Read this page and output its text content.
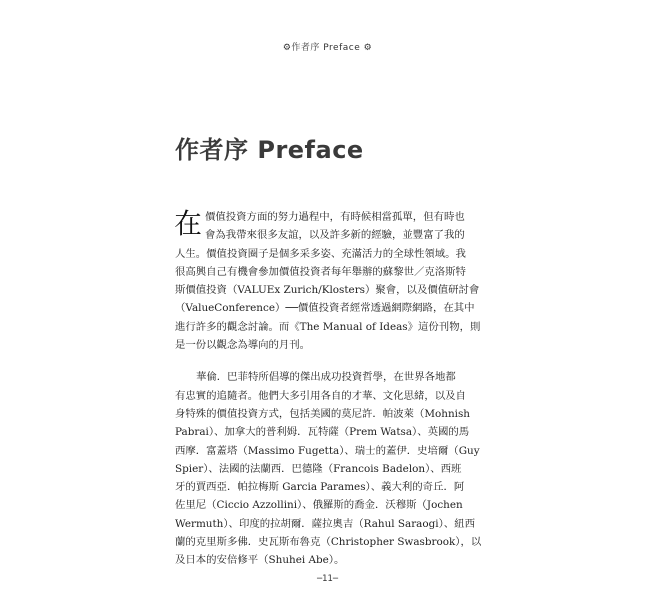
⚙作者序 Preface ⚙
作者序 Preface
在 價值投資方面的努力過程中，有時候相當孤單，但有時也
會為我帶來很多友誼，以及許多新的經驗，並豐富了我的
人生。價值投資圈子是個多采多姿、充滿活力的全球性領域。我
很高興自己有機會參加價值投資者每年舉辦的蘇黎世／克洛斯特
斯價值投資（VALUEx Zurich/Klosters）聚會，以及價值研討會
（ValueConference）──價值投資者經常透過網際網路，在其中
進行許多的觀念討論。而《The Manual of Ideas》這份刊物，則
是一份以觀念為導向的月刊。
華倫．巴菲特所倡導的傑出成功投資哲學，在世界各地都
有忠實的追隨者。他們大多引用各自的才華、文化思緒，以及自
身特殊的價值投資方式，包括美國的莫尼許．帕波萊（Mohnish
Pabrai）、加拿大的普利姆．瓦特薩（Prem Watsa）、英國的馬
西摩．富蓋塔（Massimo Fugetta）、瑞士的蓋伊．史培爾（Guy
Spier）、法國的法蘭西．巴德隆（Francois Badelon）、西班
牙的賈西亞．帕拉梅斯 Garcia Parames）、義大利的奇丘．阿
佐里尼（Ciccio Azzollini）、俄羅斯的喬金．沃穆斯（Jochen
Wermuth）、印度的拉胡爾．薩拉奧吉（Rahul Saraogi）、紐西
蘭的克里斯多佛．史瓦斯布魯克（Christopher Swasbrook），以
及日本的安倍修平（Shuhei Abe）。
─11─
